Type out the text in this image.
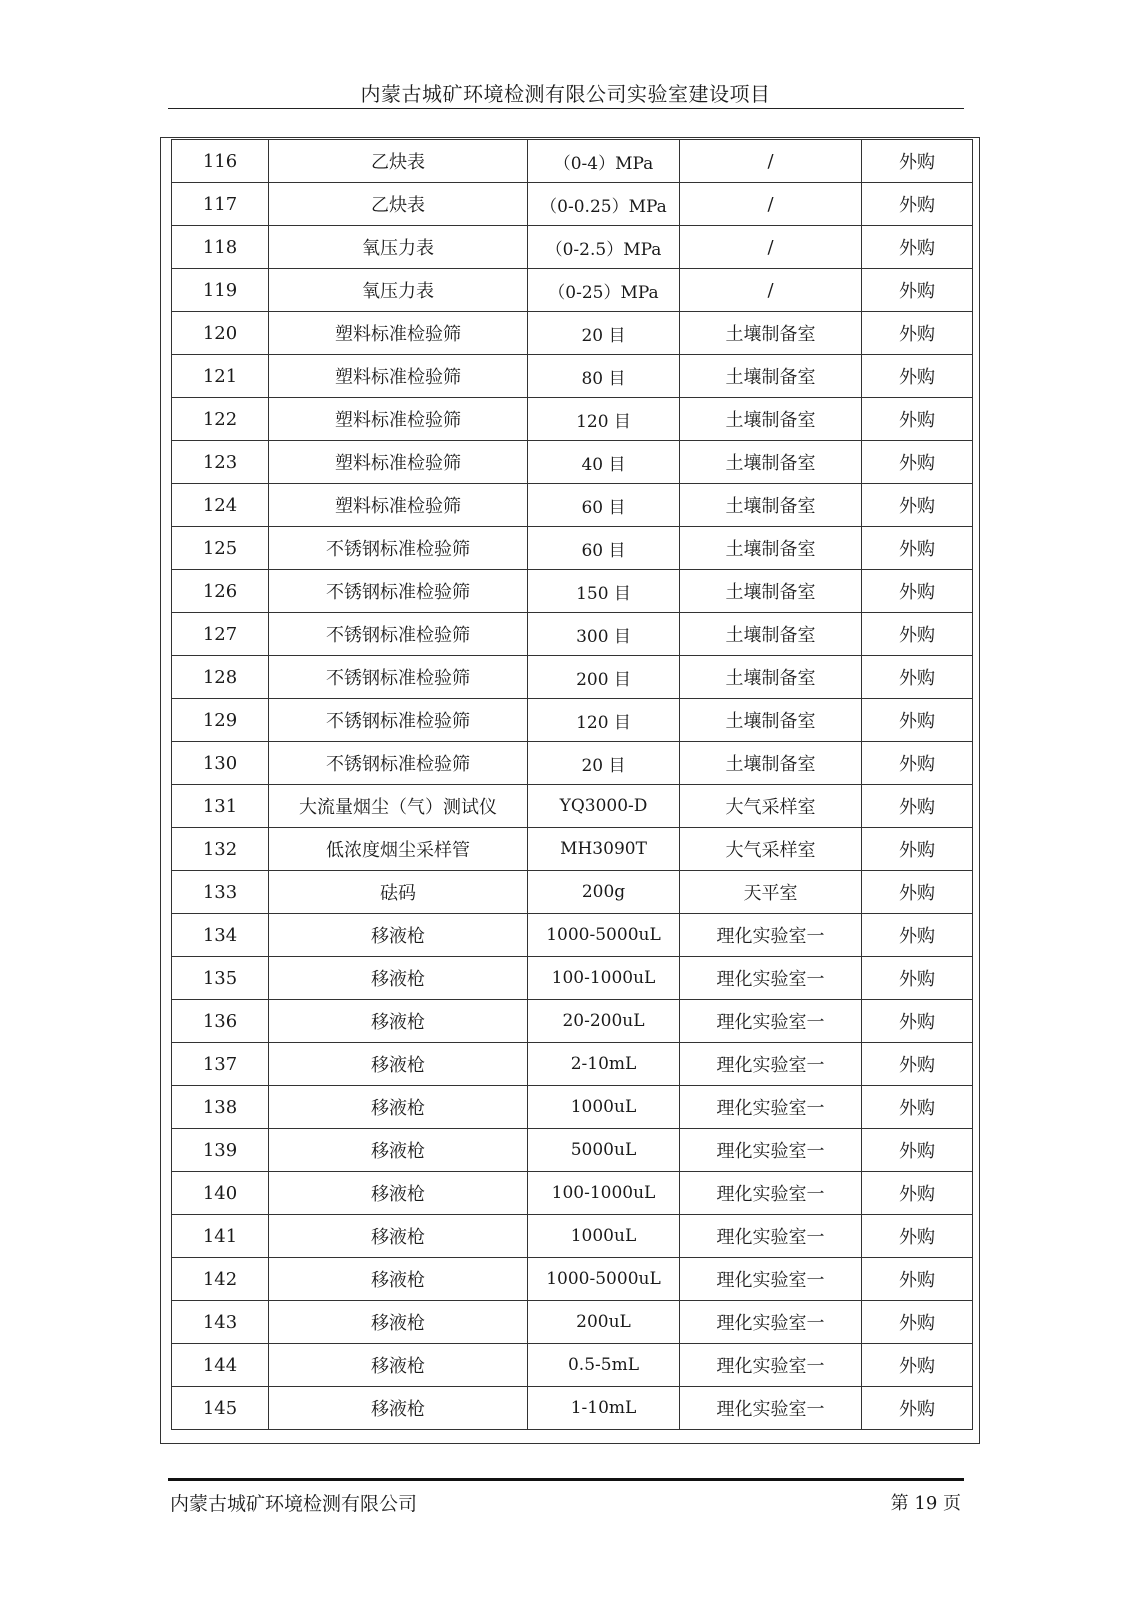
内蒙古城矿环境检测有限公司实验室建设项目
116	乙炔表	（0-4）MPa	/	外购
117	乙炔表	（0-0.25）MPa	/	外购
118	氧压力表	（0-2.5）MPa	/	外购
119	氧压力表	（0-25）MPa	/	外购
120	塑料标准检验筛	20 目	土壤制备室	外购
121	塑料标准检验筛	80 目	土壤制备室	外购
122	塑料标准检验筛	120 目	土壤制备室	外购
123	塑料标准检验筛	40 目	土壤制备室	外购
124	塑料标准检验筛	60 目	土壤制备室	外购
125	不锈钢标准检验筛	60 目	土壤制备室	外购
126	不锈钢标准检验筛	150 目	土壤制备室	外购
127	不锈钢标准检验筛	300 目	土壤制备室	外购
128	不锈钢标准检验筛	200 目	土壤制备室	外购
129	不锈钢标准检验筛	120 目	土壤制备室	外购
130	不锈钢标准检验筛	20 目	土壤制备室	外购
131	大流量烟尘（气）测试仪	YQ3000-D	大气采样室	外购
132	低浓度烟尘采样管	MH3090T	大气采样室	外购
133	砝码	200g	天平室	外购
134	移液枪	1000-5000uL	理化实验室一	外购
135	移液枪	100-1000uL	理化实验室一	外购
136	移液枪	20-200uL	理化实验室一	外购
137	移液枪	2-10mL	理化实验室一	外购
138	移液枪	1000uL	理化实验室一	外购
139	移液枪	5000uL	理化实验室一	外购
140	移液枪	100-1000uL	理化实验室一	外购
141	移液枪	1000uL	理化实验室一	外购
142	移液枪	1000-5000uL	理化实验室一	外购
143	移液枪	200uL	理化实验室一	外购
144	移液枪	0.5-5mL	理化实验室一	外购
145	移液枪	1-10mL	理化实验室一	外购
内蒙古城矿环境检测有限公司	第 19 页
